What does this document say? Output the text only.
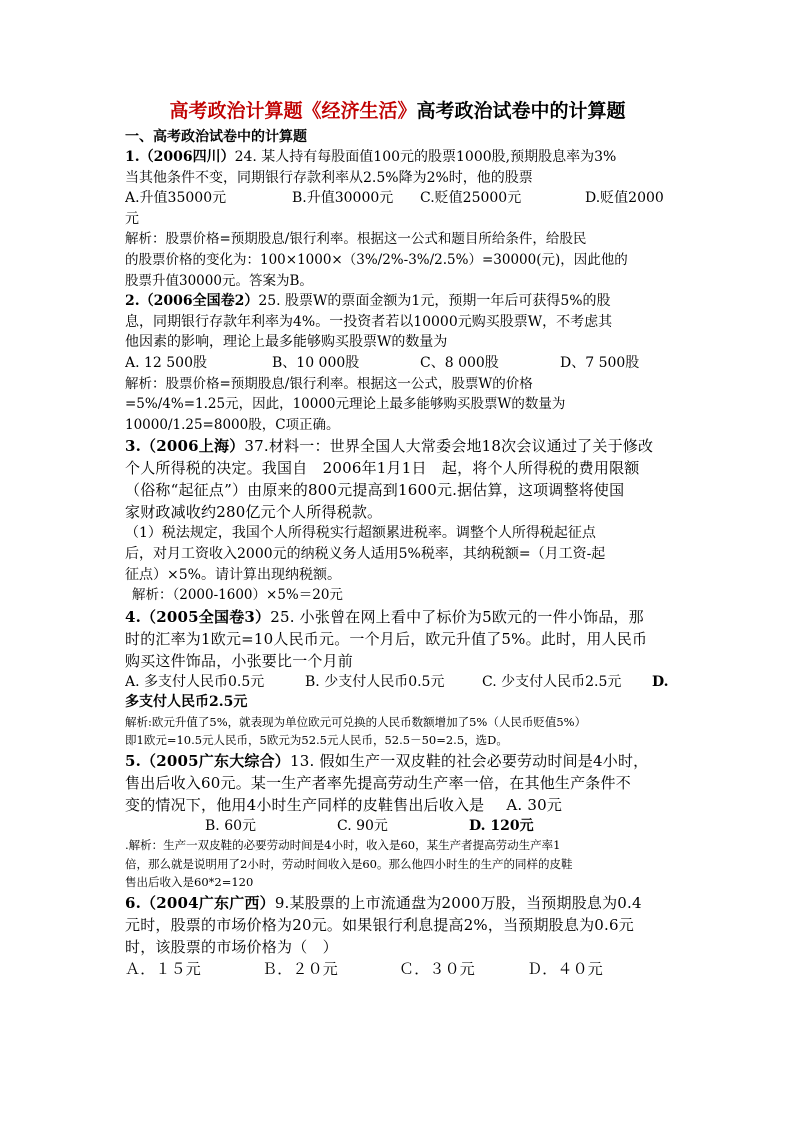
高考政治计算题《经济生活》高考政治试卷中的计算题

一、高考政治试卷中的计算题

1.（2006四川）24. 某人持有每股面值100元的股票1000股,预期股息率为3%

当其他条件不变，同期银行存款利率从2.5%降为2%时，他的股票

A.升值35000元	B.升值30000元 C.贬值25000元	D.贬值2000

元

解析：股票价格=预期股息/银行利率。根据这一公式和题目所给条件，给股民

的股票价格的变化为：100×1000×（3%/2%-3%/2.5%）=30000(元)，因此他的

股票升值30000元。答案为B。

2.（2006全国卷2）25. 股票W的票面金额为1元，预期一年后可获得5%的股

息，同期银行存款年利率为4%。一投资者若以10000元购买股票W，不考虑其

他因素的影响，理论上最多能够购买股票W的数量为

A. 12 500股	B、10 000股	C、8 000股	D、7 500股

解析：股票价格=预期股息/银行利率。根据这一公式，股票W的价格

=5%/4%=1.25元，因此，10000元理论上最多能够购买股票W的数量为

10000/1.25=8000股，C项正确。

3.（2006上海）37.材料一：世界全国人大常委会地18次会议通过了关于修改

个人所得税的决定。我国自　2006年1月1日　起，将个人所得税的费用限额

（俗称“起征点”）由原来的800元提高到1600元.据估算，这项调整将使国

家财政减收约280亿元个人所得税款。

（1）税法规定，我国个人所得税实行超额累进税率。调整个人所得税起征点

后，对月工资收入2000元的纳税义务人适用5%税率，其纳税额=（月工资-起

征点）×5%。请计算出现纳税额。

解析：（2000-1600）×5%＝20元

4.（2005全国卷3）25. 小张曾在网上看中了标价为5欧元的一件小饰品，那

时的汇率为1欧元=10人民币元。一个月后，欧元升值了5%。此时，用人民币

购买这件饰品，小张要比一个月前

A. 多支付人民币0.5元	B. 少支付人民币0.5元	C. 少支付人民币2.5元 D.

多支付人民币2.5元

解析:欧元升值了5%，就表现为单位欧元可兑换的人民币数额增加了5%（人民币贬值5%）

即1欧元=10.5元人民币，5欧元为52.5元人民币，52.5－50=2.5，选D。

5.（2005广东大综合）13. 假如生产一双皮鞋的社会必要劳动时间是4小时，

售出后收入60元。某一生产者率先提高劳动生产率一倍，在其他生产条件不

变的情况下，他用4小时生产同样的皮鞋售出后收入是 A. 30元

B. 60元	C. 90元	D. 120元

.解析：生产一双皮鞋的必要劳动时间是4小时，收入是60，某生产者提高劳动生产率1

倍，那么就是说明用了2小时，劳动时间收入是60。那么他四小时生的生产的同样的皮鞋

售出后收入是60*2=120

6.（2004广东广西）9.某股票的上市流通盘为2000万股，当预期股息为0.4

元时，股票的市场价格为20元。如果银行利息提高2%，当预期股息为0.6元

时，该股票的市场价格为（　）

Ａ．１５元	Ｂ．２０元	Ｃ．３０元	Ｄ．４０元
